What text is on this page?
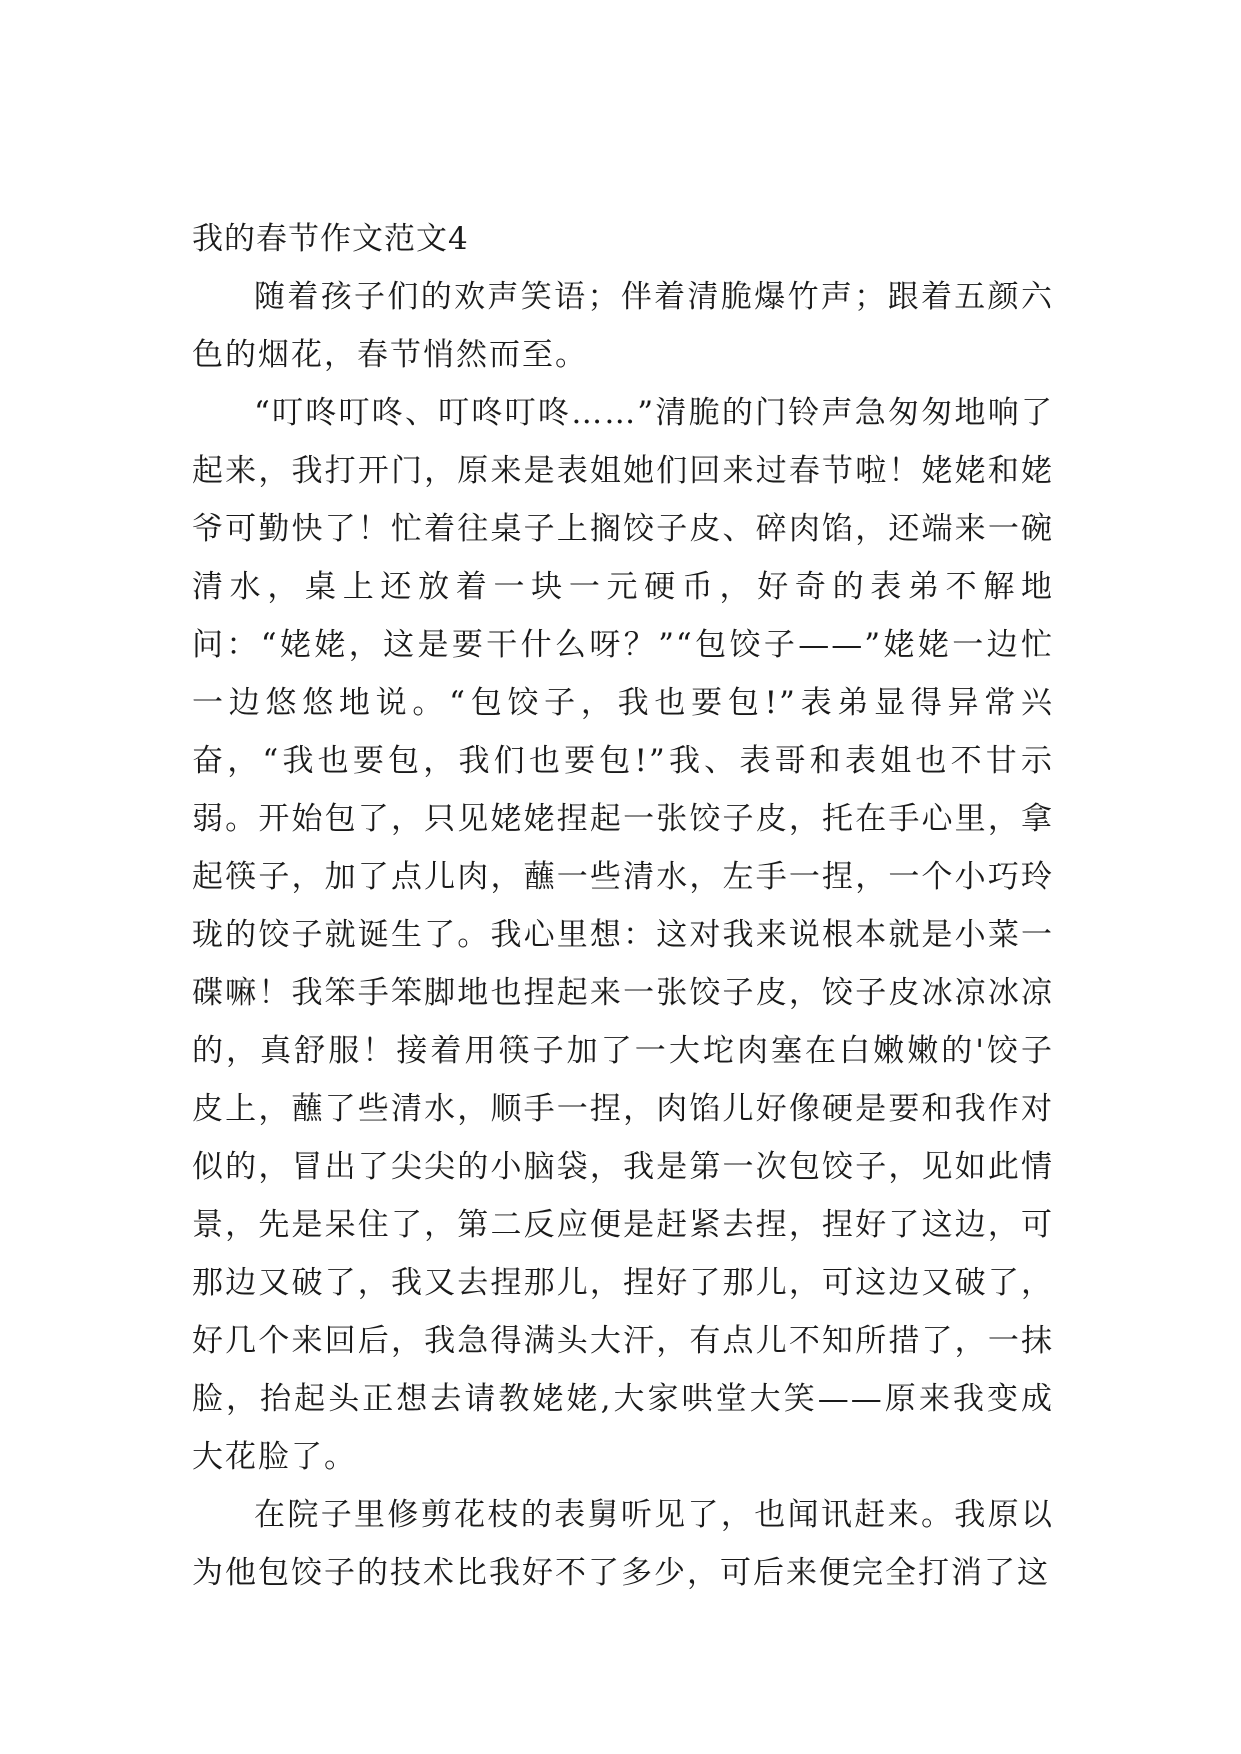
我的春节作文范文4

随着孩子们的欢声笑语；伴着清脆爆竹声；跟着五颜六色的烟花，春节悄然而至。

“叮咚叮咚、叮咚叮咚……”清脆的门铃声急匆匆地响了起来，我打开门，原来是表姐她们回来过春节啦！姥姥和姥爷可勤快了！忙着往桌子上搁饺子皮、碎肉馅，还端来一碗清水，桌上还放着一块一元硬币，好奇的表弟不解地问：“姥姥，这是要干什么呀？”“包饺子——”姥姥一边忙一边悠悠地说。“包饺子，我也要包!”表弟显得异常兴奋，“我也要包，我们也要包!”我、表哥和表姐也不甘示弱。开始包了，只见姥姥捏起一张饺子皮，托在手心里，拿起筷子，加了点儿肉，蘸一些清水，左手一捏，一个小巧玲珑的饺子就诞生了。我心里想：这对我来说根本就是小菜一碟嘛！我笨手笨脚地也捏起来一张饺子皮，饺子皮冰凉冰凉的，真舒服！接着用筷子加了一大坨肉塞在白嫩嫩的'饺子皮上，蘸了些清水，顺手一捏，肉馅儿好像硬是要和我作对似的，冒出了尖尖的小脑袋，我是第一次包饺子，见如此情景，先是呆住了，第二反应便是赶紧去捏，捏好了这边，可那边又破了，我又去捏那儿，捏好了那儿，可这边又破了，好几个来回后，我急得满头大汗，有点儿不知所措了，一抹脸，抬起头正想去请教姥姥,大家哄堂大笑——原来我变成大花脸了。

在院子里修剪花枝的表舅听见了，也闻讯赶来。我原以为他包饺子的技术比我好不了多少，可后来便完全打消了这
